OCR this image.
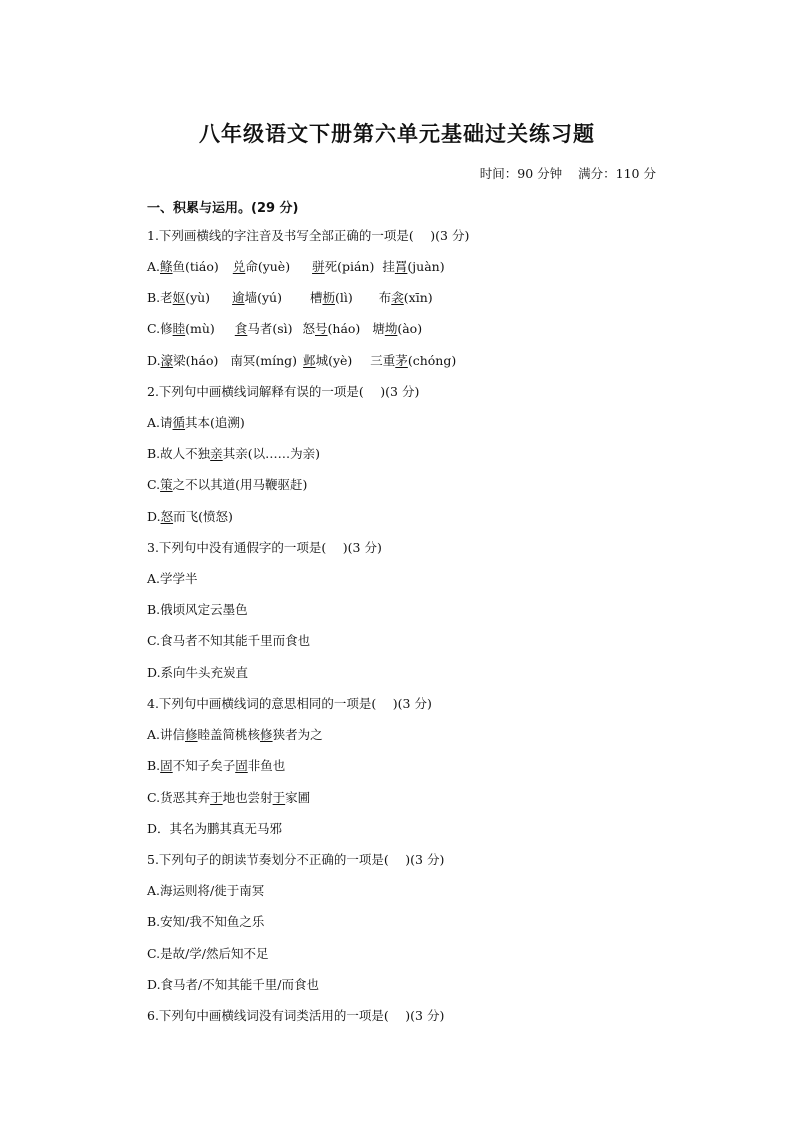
八年级语文下册第六单元基础过关练习题
时间：90 分钟 满分：110 分
一、积累与运用。(29 分)
1.下列画横线的字注音及书写全部正确的一项是(　 )(3 分)
A.鲦鱼(tiáo) 兑命(yuè) 骈死(pián) 挂罥(juàn)
B.老妪(yù) 逾墙(yú) 槽枥(lì) 布衾(xīn)
C.修睦(mù) 食马者(sì) 怒号(háo) 塘坳(ào)
D.濠梁(háo) 南冥(míng) 邺城(yè) 三重茅(chóng)
2.下列句中画横线词解释有误的一项是(　 )(3 分)
A.请循其本(追溯)
B.故人不独亲其亲(以……为亲)
C.策之不以其道(用马鞭驱赶)
D.怒而飞(愤怒)
3.下列句中没有通假字的一项是(　 )(3 分)
A.学学半
B.俄顷风定云墨色
C.食马者不知其能千里而食也
D.系向牛头充炭直
4.下列句中画横线词的意思相同的一项是(　 )(3 分)
A.讲信修睦盖简桃核修狭者为之
B.固不知子矣子固非鱼也
C.货恶其弃于地也尝射于家圃
D．其名为鹏其真无马邪
5.下列句子的朗读节奏划分不正确的一项是(　 )(3 分)
A.海运则将/徙于南冥
B.安知/我不知鱼之乐
C.是故/学/然后知不足
D.食马者/不知其能千里/而食也
6.下列句中画横线词没有词类活用的一项是(　 )(3 分)
